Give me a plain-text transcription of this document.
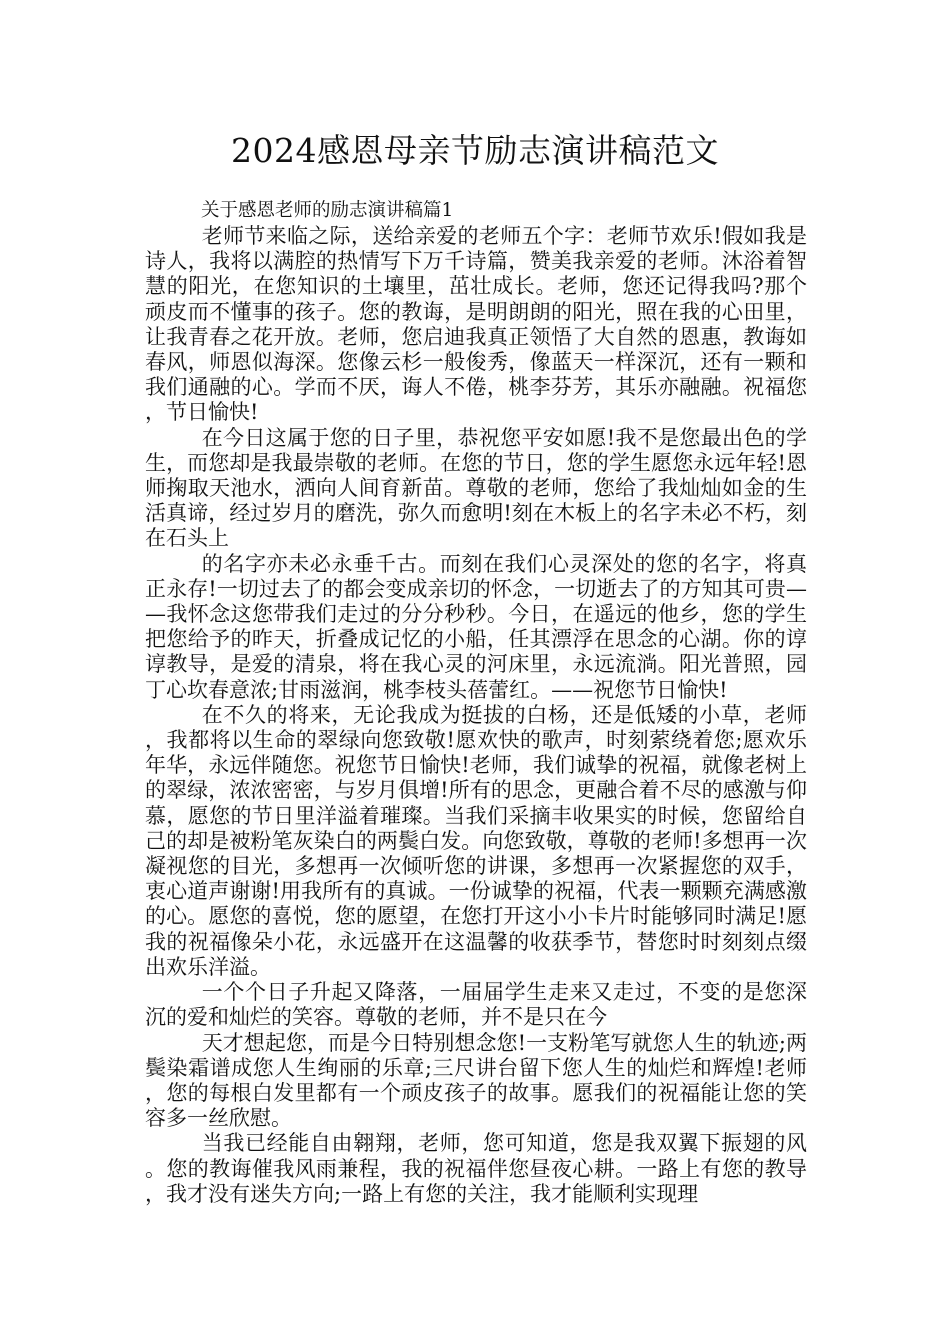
2024感恩母亲节励志演讲稿范文

关于感恩老师的励志演讲稿篇1

老师节来临之际，送给亲爱的老师五个字：老师节欢乐!假如我是诗人，我将以满腔的热情写下万千诗篇，赞美我亲爱的老师。沐浴着智慧的阳光，在您知识的土壤里，茁壮成长。老师，您还记得我吗?那个顽皮而不懂事的孩子。您的教诲，是明朗朗的阳光，照在我的心田里，让我青春之花开放。老师，您启迪我真正领悟了大自然的恩惠，教诲如春风，师恩似海深。您像云杉一般俊秀，像蓝天一样深沉，还有一颗和我们通融的心。学而不厌，诲人不倦，桃李芬芳，其乐亦融融。祝福您，节日愉快!

在今日这属于您的日子里，恭祝您平安如愿!我不是您最出色的学生，而您却是我最崇敬的老师。在您的节日，您的学生愿您永远年轻!恩师掬取天池水，洒向人间育新苗。尊敬的老师，您给了我灿灿如金的生活真谛，经过岁月的磨洗，弥久而愈明!刻在木板上的名字未必不朽，刻在石头上

的名字亦未必永垂千古。而刻在我们心灵深处的您的名字，将真正永存!一切过去了的都会变成亲切的怀念，一切逝去了的方知其可贵——我怀念这您带我们走过的分分秒秒。今日，在遥远的他乡，您的学生把您给予的昨天，折叠成记忆的小船，任其漂浮在思念的心湖。你的谆谆教导，是爱的清泉，将在我心灵的河床里，永远流淌。阳光普照，园丁心坎春意浓;甘雨滋润，桃李枝头蓓蕾红。——祝您节日愉快!

在不久的将来，无论我成为挺拔的白杨，还是低矮的小草，老师，我都将以生命的翠绿向您致敬!愿欢快的歌声，时刻萦绕着您;愿欢乐年华，永远伴随您。祝您节日愉快!老师，我们诚挚的祝福，就像老树上的翠绿，浓浓密密，与岁月俱增!所有的思念，更融合着不尽的感激与仰慕，愿您的节日里洋溢着璀璨。当我们采摘丰收果实的时候，您留给自己的却是被粉笔灰染白的两鬓白发。向您致敬，尊敬的老师!多想再一次凝视您的目光，多想再一次倾听您的讲课，多想再一次紧握您的双手，衷心道声谢谢!用我所有的真诚。一份诚挚的祝福，代表一颗颗充满感激的心。愿您的喜悦，您的愿望，在您打开这小小卡片时能够同时满足!愿我的祝福像朵小花，永远盛开在这温馨的收获季节，替您时时刻刻点缀出欢乐洋溢。

一个个日子升起又降落，一届届学生走来又走过，不变的是您深沉的爱和灿烂的笑容。尊敬的老师，并不是只在今

天才想起您，而是今日特别想念您!一支粉笔写就您人生的轨迹;两鬓染霜谱成您人生绚丽的乐章;三尺讲台留下您人生的灿烂和辉煌!老师，您的每根白发里都有一个顽皮孩子的故事。愿我们的祝福能让您的笑容多一丝欣慰。

当我已经能自由翱翔，老师，您可知道，您是我双翼下振翅的风。您的教诲催我风雨兼程，我的祝福伴您昼夜心耕。一路上有您的教导，我才没有迷失方向;一路上有您的关注，我才能顺利实现理
